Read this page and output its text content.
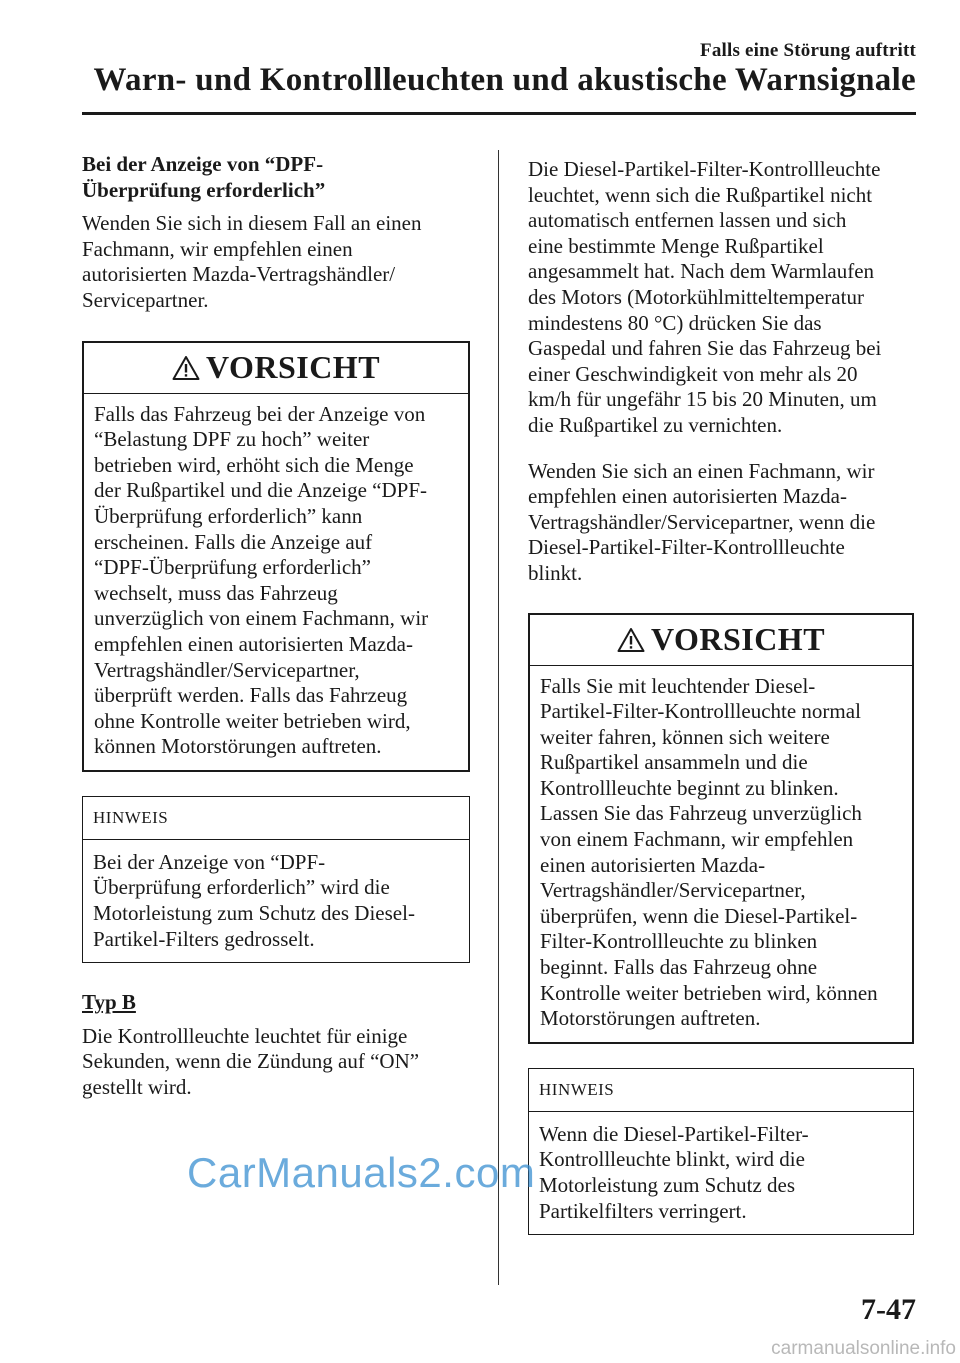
Falls eine Störung auftritt
Warn- und Kontrollleuchten und akustische Warnsignale
Bei der Anzeige von “DPF-
Überprüfung erforderlich”

Wenden Sie sich in diesem Fall an einen

Fachmann, wir empfehlen einen

autorisierten Mazda-Vertragshändler/

Servicepartner.

VORSICHT

Falls das Fahrzeug bei der Anzeige von

“Belastung DPF zu hoch” weiter

betrieben wird, erhöht sich die Menge

der Rußpartikel und die Anzeige “DPF-

Überprüfung erforderlich” kann

erscheinen. Falls die Anzeige auf

“DPF-Überprüfung erforderlich”

wechselt, muss das Fahrzeug

unverzüglich von einem Fachmann, wir

empfehlen einen autorisierten Mazda-

Vertragshändler/Servicepartner,

überprüft werden. Falls das Fahrzeug

ohne Kontrolle weiter betrieben wird,

können Motorstörungen auftreten.

HINWEIS

Bei der Anzeige von “DPF-

Überprüfung erforderlich” wird die

Motorleistung zum Schutz des Diesel-

Partikel-Filters gedrosselt.

Typ B

Die Kontrollleuchte leuchtet für einige

Sekunden, wenn die Zündung auf “ON”

gestellt wird.

Die Diesel-Partikel-Filter-Kontrollleuchte

leuchtet, wenn sich die Rußpartikel nicht

automatisch entfernen lassen und sich

eine bestimmte Menge Rußpartikel

angesammelt hat. Nach dem Warmlaufen

des Motors (Motorkühlmitteltemperatur

mindestens 80 °C) drücken Sie das

Gaspedal und fahren Sie das Fahrzeug bei

einer Geschwindigkeit von mehr als 20

km/h für ungefähr 15 bis 20 Minuten, um

die Rußpartikel zu vernichten.

Wenden Sie sich an einen Fachmann, wir

empfehlen einen autorisierten Mazda-

Vertragshändler/Servicepartner, wenn die

Diesel-Partikel-Filter-Kontrollleuchte

blinkt.

VORSICHT

Falls Sie mit leuchtender Diesel-

Partikel-Filter-Kontrollleuchte normal

weiter fahren, können sich weitere

Rußpartikel ansammeln und die

Kontrollleuchte beginnt zu blinken.

Lassen Sie das Fahrzeug unverzüglich

von einem Fachmann, wir empfehlen

einen autorisierten Mazda-

Vertragshändler/Servicepartner,

überprüfen, wenn die Diesel-Partikel-

Filter-Kontrollleuchte zu blinken

beginnt. Falls das Fahrzeug ohne

Kontrolle weiter betrieben wird, können

Motorstörungen auftreten.

HINWEIS

Wenn die Diesel-Partikel-Filter-

Kontrollleuchte blinkt, wird die

Motorleistung zum Schutz des

Partikelfilters verringert.

CarManuals2.com
7-47
carmanualsonline.info
